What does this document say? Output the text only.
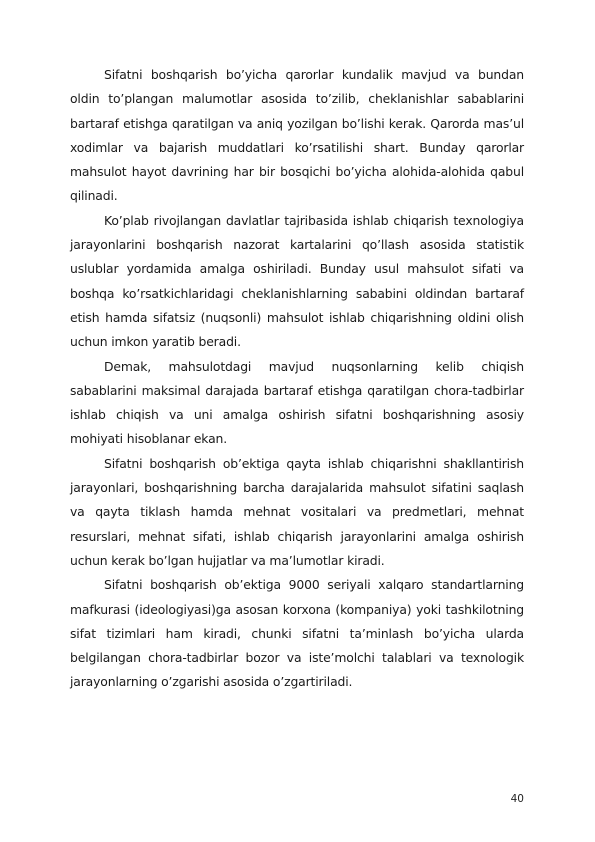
Sifatni boshqarish bo’yicha qarorlar kundalik mavjud va bundan oldin to’plangan malumotlar asosida to’zilib, cheklanishlar sabablarini bartaraf etishga qaratilgan va aniq yozilgan bo’lishi kerak. Qarorda mas’ul xodimlar va bajarish muddatlari ko’rsatilishi shart. Bunday qarorlar mahsulot hayot davrining har bir bosqichi bo’yicha alohida-alohida qabul qilinadi.

Ko’plab rivojlangan davlatlar tajribasida ishlab chiqarish texnologiya jarayonlarini boshqarish nazorat kartalarini qo’llash asosida statistik uslublar yordamida amalga oshiriladi. Bunday usul mahsulot sifati va boshqa ko’rsatkichlaridagi cheklanishlarning sababini oldindan bartaraf etish hamda sifatsiz (nuqsonli) mahsulot ishlab chiqarishning oldini olish uchun imkon yaratib beradi.

Demak, mahsulotdagi mavjud nuqsonlarning kelib chiqish sabablarini maksimal darajada bartaraf etishga qaratilgan chora-tadbirlar ishlab chiqish va uni amalga oshirish sifatni boshqarishning asosiy mohiyati hisoblanar ekan.

Sifatni boshqarish ob’ektiga qayta ishlab chiqarishni shakllantirish jarayonlari, boshqarishning barcha darajalarida mahsulot sifatini saqlash va qayta tiklash hamda mehnat vositalari va predmetlari, mehnat resurslari, mehnat sifati, ishlab chiqarish jarayonlarini amalga oshirish uchun kerak bo’lgan hujjatlar va ma’lumotlar kiradi.

Sifatni boshqarish ob’ektiga 9000 seriyali xalqaro standartlarning mafkurasi (ideologiyasi)ga asosan korxona (kompaniya) yoki tashkilotning sifat tizimlari ham kiradi, chunki sifatni ta’minlash bo’yicha ularda belgilangan chora-tadbirlar bozor va iste’molchi talablari va texnologik jarayonlarning o’zgarishi asosida o’zgartiriladi.

40
